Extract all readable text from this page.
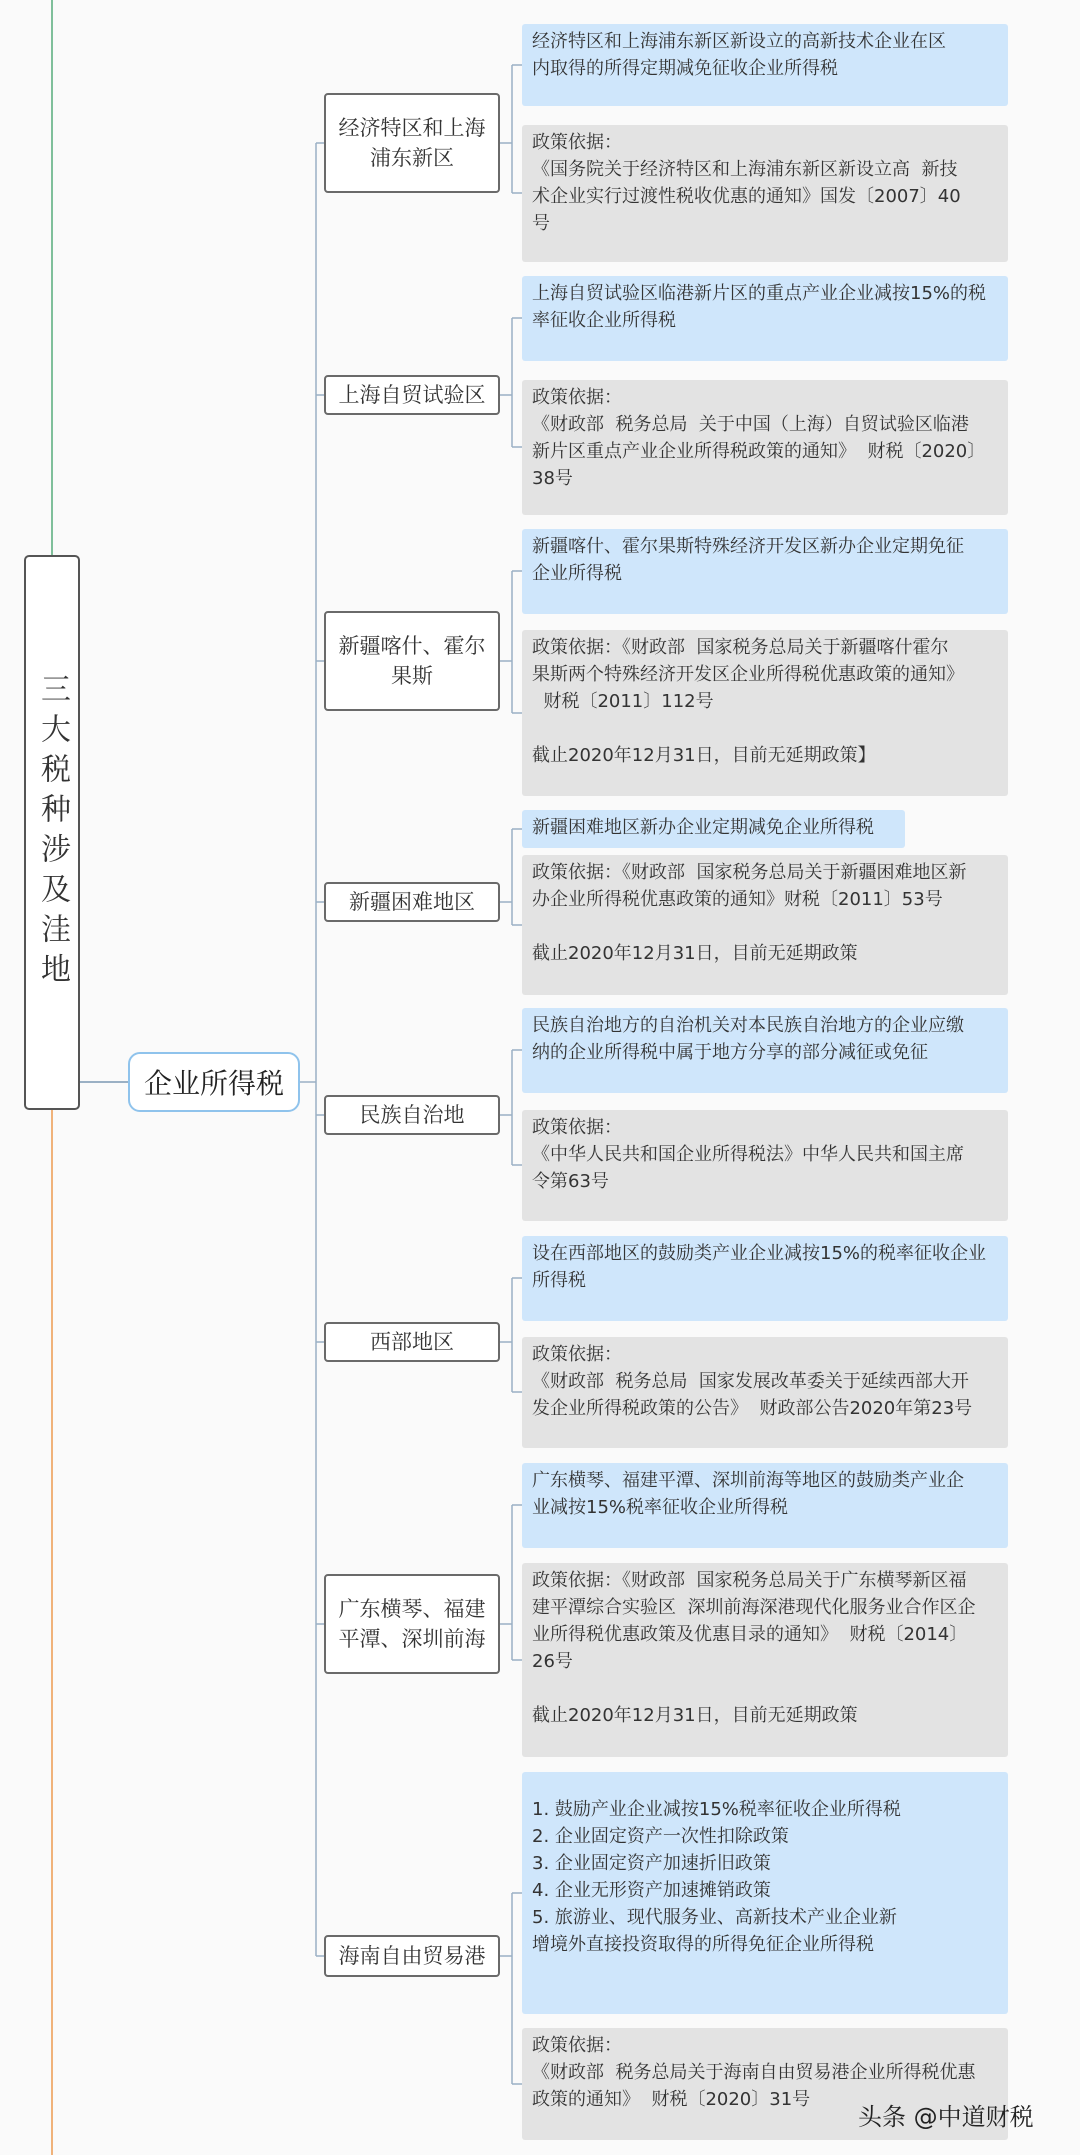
三大税种涉及洼地
企业所得税
经济特区和上海
浦东新区
上海自贸试验区
新疆喀什、霍尔
果斯
新疆困难地区
民族自治地
西部地区
广东横琴、福建
平潭、深圳前海
海南自由贸易港
经济特区和上海浦东新区新设立的高新技术企业在区
内取得的所得定期减免征收企业所得税
政策依据：
《国务院关于经济特区和上海浦东新区新设立高  新技
术企业实行过渡性税收优惠的通知》国发〔2007〕40
号
上海自贸试验区临港新片区的重点产业企业减按15%的税
率征收企业所得税
政策依据：
《财政部  税务总局  关于中国（上海）自贸试验区临港
新片区重点产业企业所得税政策的通知》  财税〔2020〕
38号
新疆喀什、霍尔果斯特殊经济开发区新办企业定期免征
企业所得税
政策依据：《财政部  国家税务总局关于新疆喀什霍尔
果斯两个特殊经济开发区企业所得税优惠政策的通知》
财税〔2011〕112号

截止2020年12月31日，目前无延期政策】
新疆困难地区新办企业定期减免企业所得税
政策依据：《财政部  国家税务总局关于新疆困难地区新
办企业所得税优惠政策的通知》财税〔2011〕53号

截止2020年12月31日，目前无延期政策
民族自治地方的自治机关对本民族自治地方的企业应缴
纳的企业所得税中属于地方分享的部分减征或免征
政策依据：
《中华人民共和国企业所得税法》中华人民共和国主席
令第63号
设在西部地区的鼓励类产业企业减按15%的税率征收企业
所得税
政策依据：
《财政部  税务总局  国家发展改革委关于延续西部大开
发企业所得税政策的公告》  财政部公告2020年第23号
广东横琴、福建平潭、深圳前海等地区的鼓励类产业企
业减按15%税率征收企业所得税
政策依据：《财政部  国家税务总局关于广东横琴新区福
建平潭综合实验区  深圳前海深港现代化服务业合作区企
业所得税优惠政策及优惠目录的通知》  财税〔2014〕
26号

截止2020年12月31日，目前无延期政策
1. 鼓励产业企业减按15%税率征收企业所得税
2. 企业固定资产一次性扣除政策
3. 企业固定资产加速折旧政策
4. 企业无形资产加速摊销政策
5. 旅游业、现代服务业、高新技术产业企业新
增境外直接投资取得的所得免征企业所得税
政策依据：
《财政部  税务总局关于海南自由贸易港企业所得税优惠
政策的通知》  财税〔2020〕31号
头条 @中道财税
